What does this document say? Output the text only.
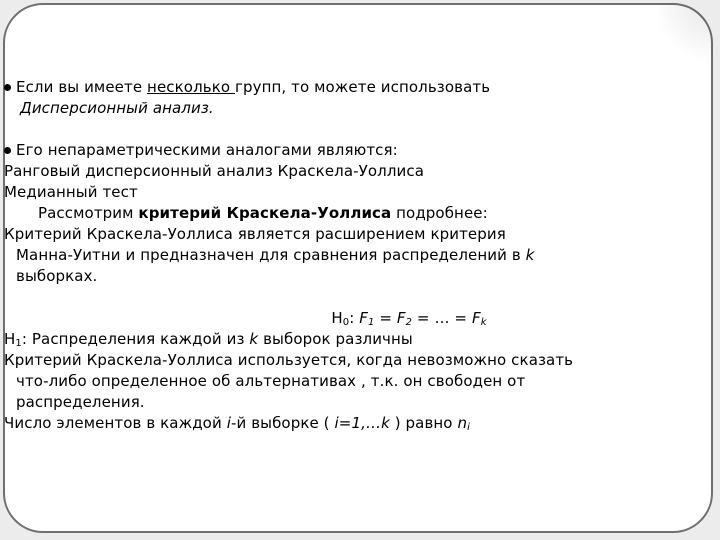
Если вы имеете несколько групп, то можете использовать
Дисперсионный анализ.

Его непараметрическими аналогами являются:

Ранговый дисперсионный анализ Краскела-Уоллиса

Медианный тест

Рассмотрим критерий Краскела-Уоллиса подробнее:

Критерий Краскела-Уоллиса является расширением критерия
Манна-Уитни и предназначен для сравнения распределений в k
выборках.

$H_0$: $F_1 = F_2$ = … = $F_k$

$H_1$: Распределения каждой из k выборок различны

Критерий Краскела-Уоллиса используется, когда невозможно сказать
что-либо определенное об альтернативах , т.к. он свободен от
распределения.

Число элементов в каждой i-й выборке ( i=1,…k ) равно $n_i$
